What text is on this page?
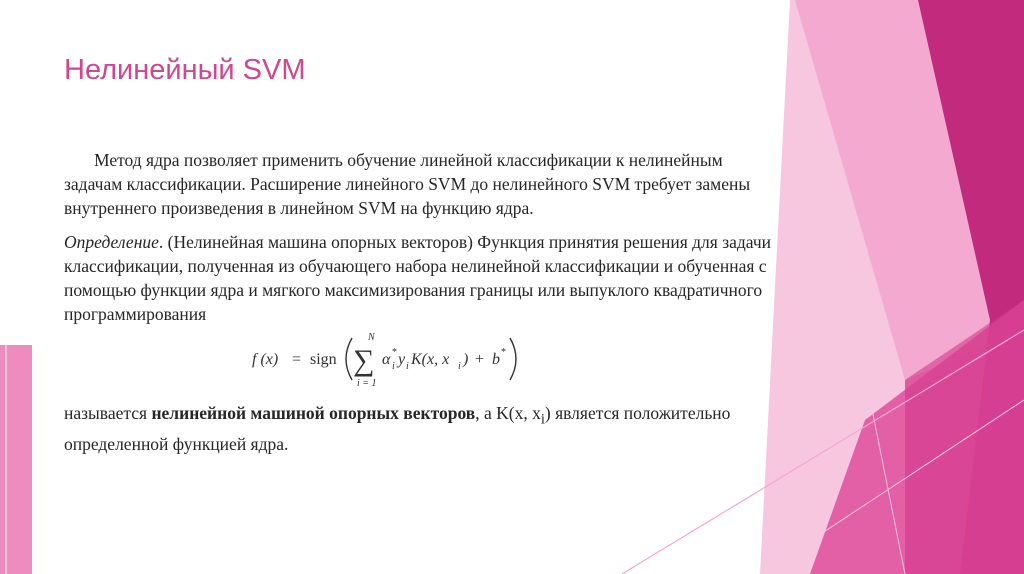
Нелинейный SVM
Метод ядра позволяет применить обучение линейной классификации к нелинейным задачам классификации. Расширение линейного SVM до нелинейного SVM требует замены внутреннего произведения в линейном SVM на функцию ядра.
Определение. (Нелинейная машина опорных векторов) Функция принятия решения для задачи классификации, полученная из обучающего набора нелинейной классификации и обученная с помощью функции ядра и мягкого максимизирования границы или выпуклого квадратичного программирования
f (x) = sign
N
∑
i = 1
α *
i y i K(x, x i ) + b *
называется нелинейной машиной опорных векторов, а K(x, $x_i$) является положительно определенной функцией ядра.
